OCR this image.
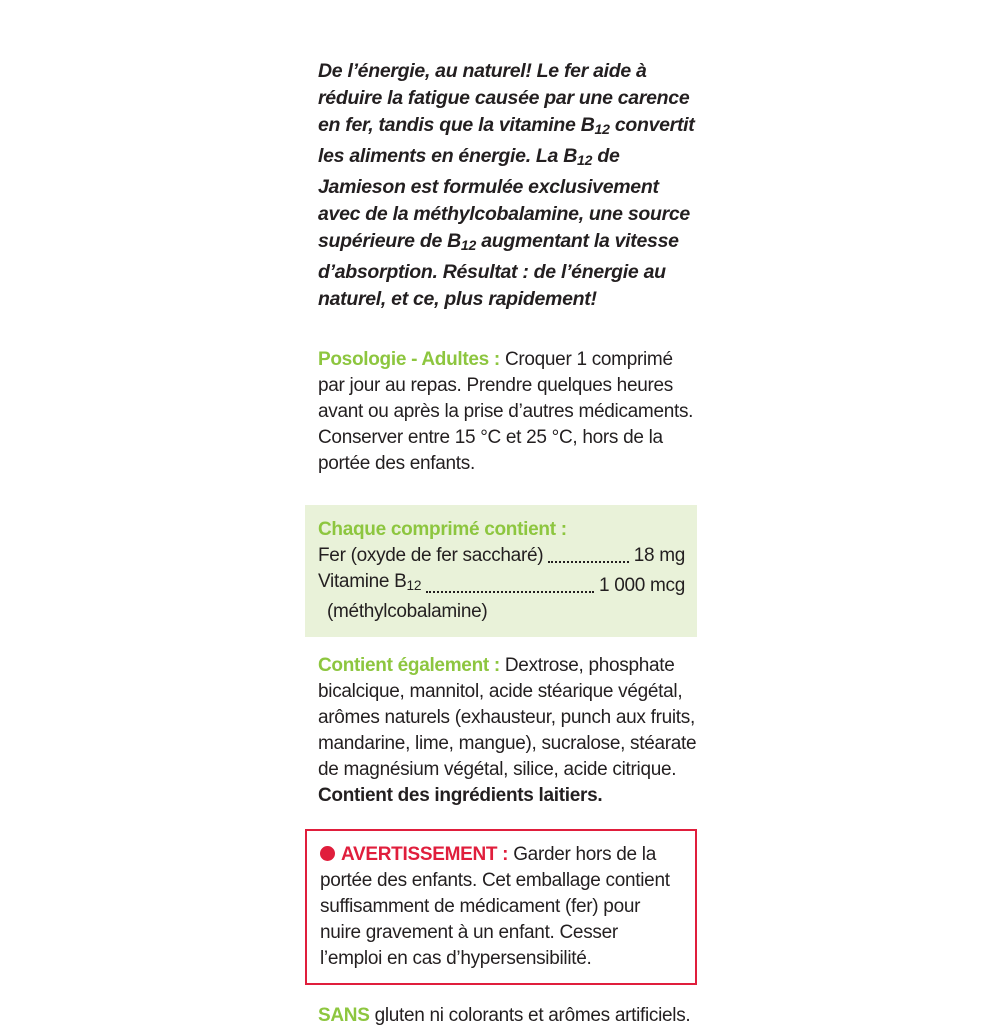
De l’énergie, au naturel! Le fer aide à réduire la fatigue causée par une carence en fer, tandis que la vitamine B12 convertit les aliments en énergie. La B12 de Jamieson est formulée exclusivement avec de la méthylcobalamine, une source supérieure de B12 augmentant la vitesse d’absorption. Résultat : de l’énergie au naturel, et ce, plus rapidement!

Posologie - Adultes : Croquer 1 comprimé par jour au repas. Prendre quelques heures avant ou après la prise d’autres médicaments. Conserver entre 15 °C et 25 °C, hors de la portée des enfants.

Chaque comprimé contient :

Fer (oxyde de fer saccharé)	18 mg
Vitamine B12	1 000 mcg
(méthylcobalamine)

Contient également : Dextrose, phosphate bicalcique, mannitol, acide stéarique végétal, arômes naturels (exhausteur, punch aux fruits, mandarine, lime, mangue), sucralose, stéarate de magnésium végétal, silice, acide citrique. Contient des ingrédients laitiers.

AVERTISSEMENT : Garder hors de la portée des enfants. Cet emballage contient suffisamment de médicament (fer) pour nuire gravement à un enfant. Cesser l’emploi en cas d’hypersensibilité.

SANS gluten ni colorants et arômes artificiels.
